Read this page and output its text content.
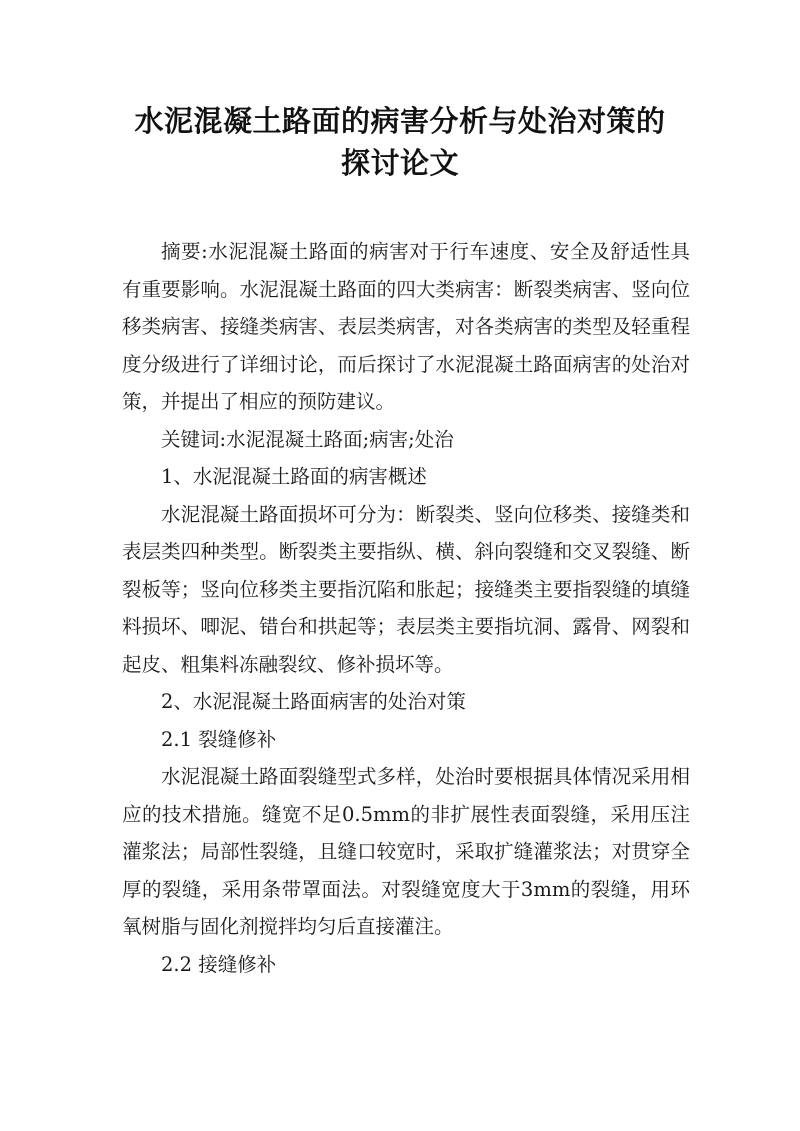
水泥混凝土路面的病害分析与处治对策的
探讨论文

摘要:水泥混凝土路面的病害对于行车速度、安全及舒适性具有重要影响。水泥混凝土路面的四大类病害：断裂类病害、竖向位移类病害、接缝类病害、表层类病害，对各类病害的类型及轻重程度分级进行了详细讨论，而后探讨了水泥混凝土路面病害的处治对策，并提出了相应的预防建议。

关键词:水泥混凝土路面;病害;处治

1、水泥混凝土路面的病害概述

水泥混凝土路面损坏可分为：断裂类、竖向位移类、接缝类和表层类四种类型。断裂类主要指纵、横、斜向裂缝和交叉裂缝、断裂板等；竖向位移类主要指沉陷和胀起；接缝类主要指裂缝的填缝料损坏、唧泥、错台和拱起等；表层类主要指坑洞、露骨、网裂和起皮、粗集料冻融裂纹、修补损坏等。

2、水泥混凝土路面病害的处治对策

2.1 裂缝修补

水泥混凝土路面裂缝型式多样，处治时要根据具体情况采用相应的技术措施。缝宽不足0.5mm的非扩展性表面裂缝，采用压注灌浆法；局部性裂缝，且缝口较宽时，采取扩缝灌浆法；对贯穿全厚的裂缝，采用条带罩面法。对裂缝宽度大于3mm的裂缝，用环氧树脂与固化剂搅拌均匀后直接灌注。

2.2 接缝修补
